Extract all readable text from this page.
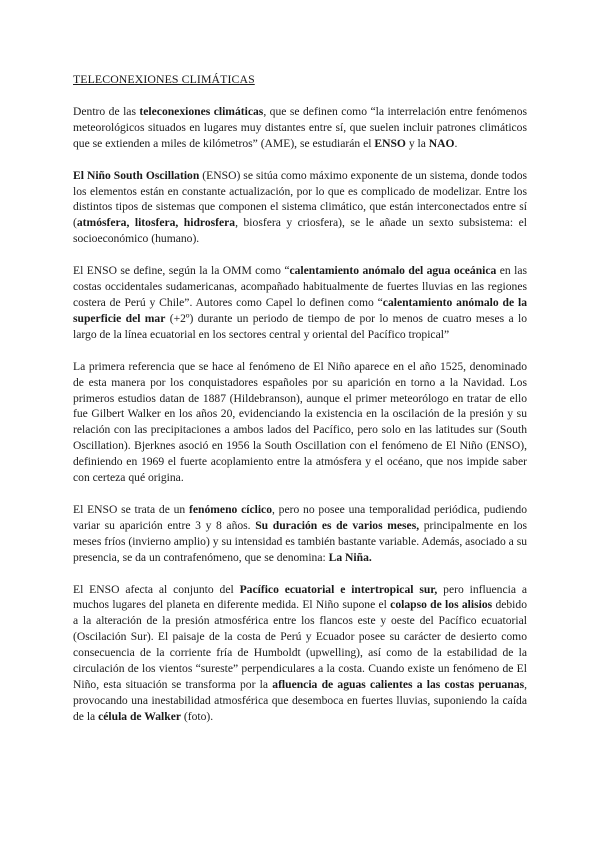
TELECONEXIONES CLIMÁTICAS

Dentro de las teleconexiones climáticas, que se definen como “la interrelación entre fenómenos meteorológicos situados en lugares muy distantes entre sí, que suelen incluir patrones climáticos que se extienden a miles de kilómetros” (AME), se estudiarán el ENSO y la NAO.

El Niño South Oscillation (ENSO) se sitúa como máximo exponente de un sistema, donde todos los elementos están en constante actualización, por lo que es complicado de modelizar. Entre los distintos tipos de sistemas que componen el sistema climático, que están interconectados entre sí (atmósfera, litosfera, hidrosfera, biosfera y criosfera), se le añade un sexto subsistema: el socioeconómico (humano).

El ENSO se define, según la la OMM como “calentamiento anómalo del agua oceánica en las costas occidentales sudamericanas, acompañado habitualmente de fuertes lluvias en las regiones costera de Perú y Chile”. Autores como Capel lo definen como “calentamiento anómalo de la superficie del mar (+2º) durante un periodo de tiempo de por lo menos de cuatro meses a lo largo de la línea ecuatorial en los sectores central y oriental del Pacífico tropical”

La primera referencia que se hace al fenómeno de El Niño aparece en el año 1525, denominado de esta manera por los conquistadores españoles por su aparición en torno a la Navidad. Los primeros estudios datan de 1887 (Hildebranson), aunque el primer meteorólogo en tratar de ello fue Gilbert Walker en los años 20, evidenciando la existencia en la oscilación de la presión y su relación con las precipitaciones a ambos lados del Pacífico, pero solo en las latitudes sur (South Oscillation). Bjerknes asoció en 1956 la South Oscillation con el fenómeno de El Niño (ENSO), definiendo en 1969 el fuerte acoplamiento entre la atmósfera y el océano, que nos impide saber con certeza qué origina.

El ENSO se trata de un fenómeno cíclico, pero no posee una temporalidad periódica, pudiendo variar su aparición entre 3 y 8 años. Su duración es de varios meses, principalmente en los meses fríos (invierno amplio) y su intensidad es también bastante variable. Además, asociado a su presencia, se da un contrafenómeno, que se denomina: La Niña.

El ENSO afecta al conjunto del Pacífico ecuatorial e intertropical sur, pero influencia a muchos lugares del planeta en diferente medida. El Niño supone el colapso de los alisios debido a la alteración de la presión atmosférica entre los flancos este y oeste del Pacífico ecuatorial (Oscilación Sur). El paisaje de la costa de Perú y Ecuador posee su carácter de desierto como consecuencia de la corriente fría de Humboldt (upwelling), así como de la estabilidad de la circulación de los vientos “sureste” perpendiculares a la costa. Cuando existe un fenómeno de El Niño, esta situación se transforma por la afluencia de aguas calientes a las costas peruanas, provocando una inestabilidad atmosférica que desemboca en fuertes lluvias, suponiendo la caída de la célula de Walker (foto).
